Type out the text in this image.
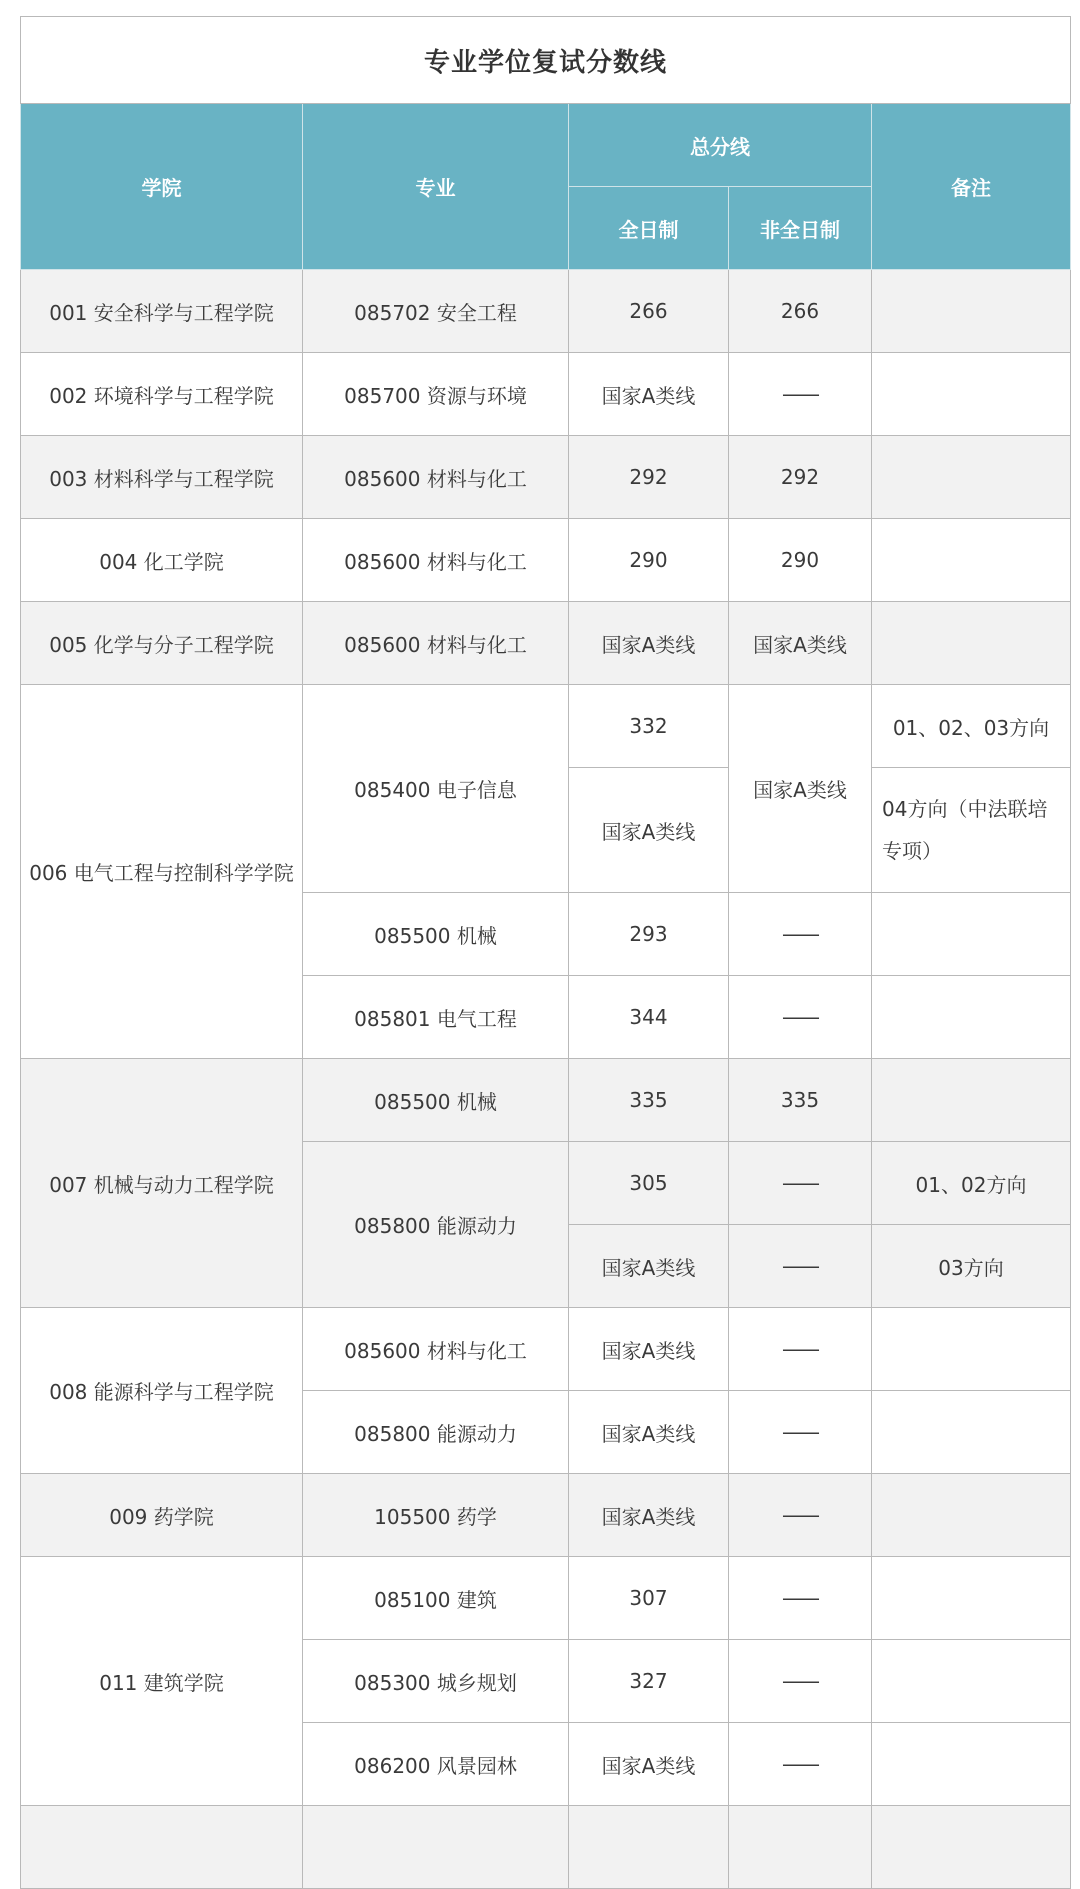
专业学位复试分数线				
学院	专业	总分线		备注
		全日制	非全日制	
001 安全科学与工程学院	085702 安全工程	266	266	
002 环境科学与工程学院	085700 资源与环境	国家A类线	——	
003 材料科学与工程学院	085600 材料与化工	292	292	
004 化工学院	085600 材料与化工	290	290	
005 化学与分子工程学院	085600 材料与化工	国家A类线	国家A类线	
006 电气工程与控制科学学院	085400 电子信息	332	国家A类线	01、02、03方向
		国家A类线		04方向（中法联培专项）
	085500 机械	293	——	
	085801 电气工程	344	——	
007 机械与动力工程学院	085500 机械	335	335	
	085800 能源动力	305	——	01、02方向
		国家A类线	——	03方向
008 能源科学与工程学院	085600 材料与化工	国家A类线	——	
	085800 能源动力	国家A类线	——	
009 药学院	105500 药学	国家A类线	——	
011 建筑学院	085100 建筑	307	——	
	085300 城乡规划	327	——	
	086200 风景园林	国家A类线	——	
